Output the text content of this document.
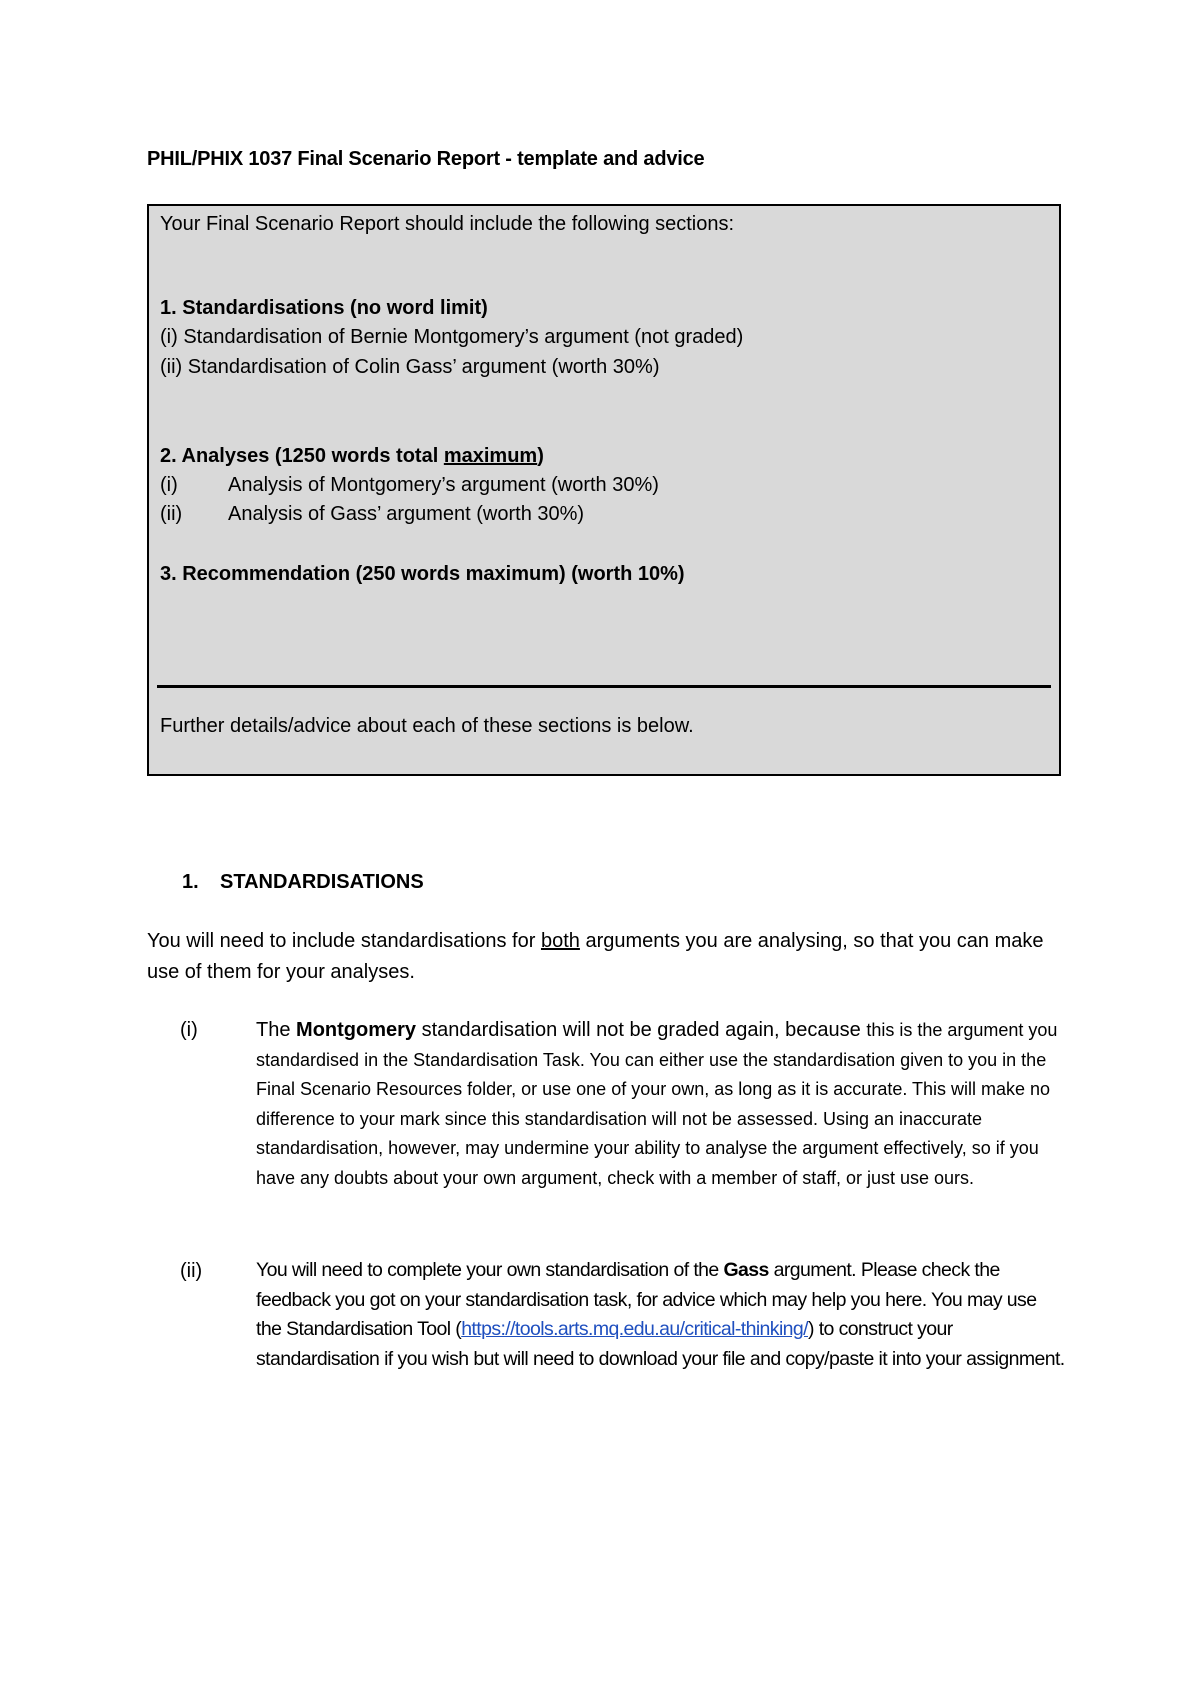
PHIL/PHIX 1037 Final Scenario Report - template and advice
Your Final Scenario Report should include the following sections:
1. Standardisations (no word limit)
(i) Standardisation of Bernie Montgomery’s argument (not graded)
(ii) Standardisation of Colin Gass’ argument (worth 30%)
2. Analyses (1250 words total maximum)
(i)	Analysis of Montgomery’s argument (worth 30%)
(ii) Analysis of Gass’ argument (worth 30%)
3. Recommendation (250 words maximum) (worth 10%)
Further details/advice about each of these sections is below.
1. STANDARDISATIONS
You will need to include standardisations for both arguments you are analysing, so that you can make use of them for your analyses.
(i)	The Montgomery standardisation will not be graded again, because this is the argument you standardised in the Standardisation Task. You can either use the standardisation given to you in the Final Scenario Resources folder, or use one of your own, as long as it is accurate. This will make no difference to your mark since this standardisation will not be assessed. Using an inaccurate standardisation, however, may undermine your ability to analyse the argument effectively, so if you have any doubts about your own argument, check with a member of staff, or just use ours.
(ii)	You will need to complete your own standardisation of the Gass argument. Please check the feedback you got on your standardisation task, for advice which may help you here. You may use the Standardisation Tool (https://tools.arts.mq.edu.au/critical-thinking/) to construct your standardisation if you wish but will need to download your file and copy/paste it into your assignment.
